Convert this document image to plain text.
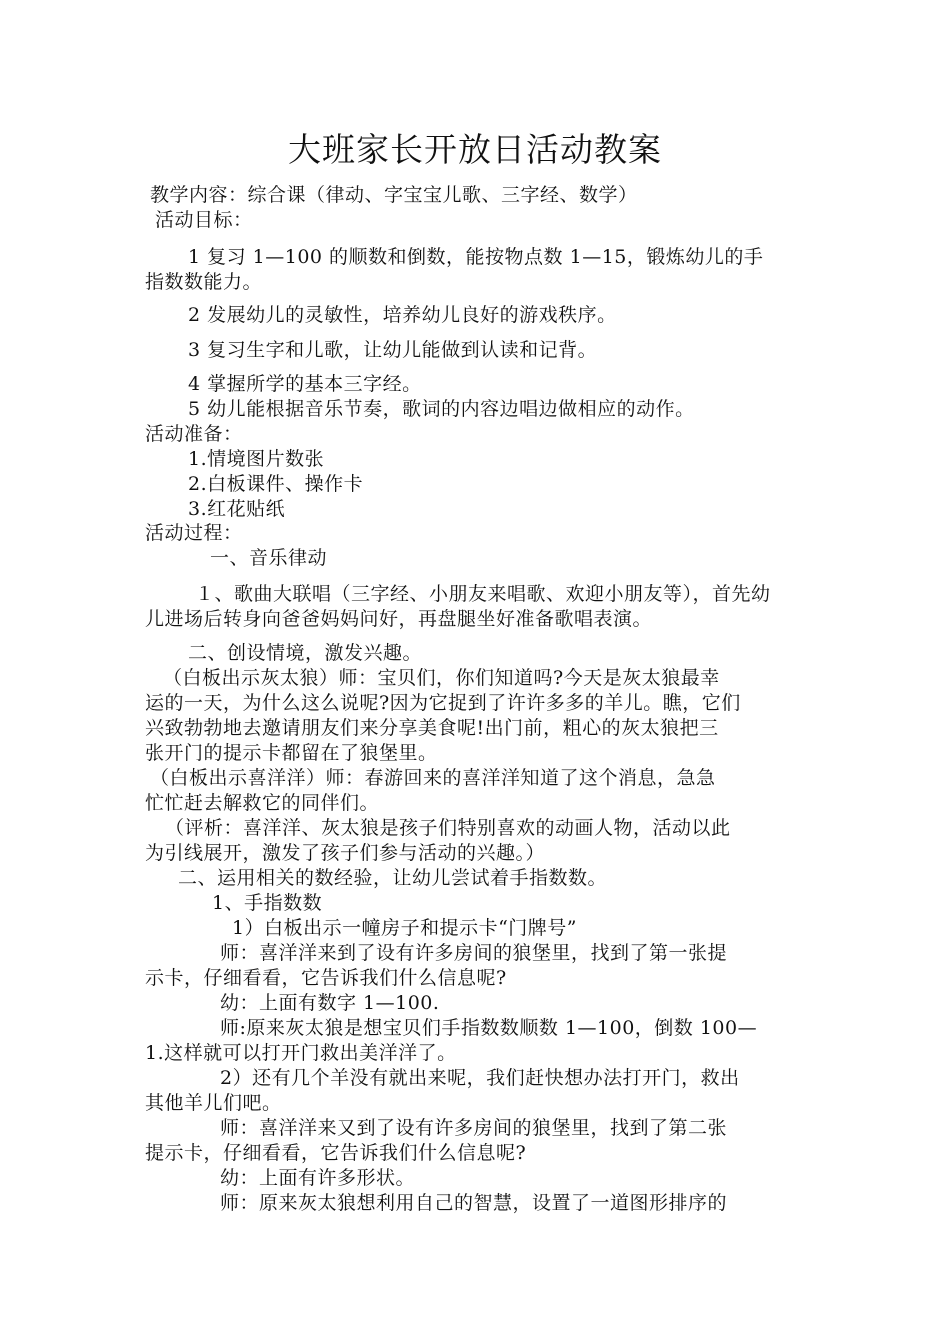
大班家长开放日活动教案
教学内容：综合课（律动、字宝宝儿歌、三字经、数学）
活动目标：
1 复习 1—100 的顺数和倒数，能按物点数 1—15，锻炼幼儿的手
指数数能力。
2 发展幼儿的灵敏性，培养幼儿良好的游戏秩序。
3 复习生字和儿歌，让幼儿能做到认读和记背。
4 掌握所学的基本三字经。
5 幼儿能根据音乐节奏，歌词的内容边唱边做相应的动作。
活动准备：
1.情境图片数张
2.白板课件、操作卡
3.红花贴纸
活动过程：
一、音乐律动
１、歌曲大联唱（三字经、小朋友来唱歌、欢迎小朋友等），首先幼
儿进场后转身向爸爸妈妈问好，再盘腿坐好准备歌唱表演。
二、创设情境，激发兴趣。
（白板出示灰太狼）师：宝贝们，你们知道吗?今天是灰太狼最幸
运的一天，为什么这么说呢?因为它捉到了许许多多的羊儿。瞧，它们
兴致勃勃地去邀请朋友们来分享美食呢!出门前，粗心的灰太狼把三
张开门的提示卡都留在了狼堡里。
（白板出示喜洋洋）师：春游回来的喜洋洋知道了这个消息，急急
忙忙赶去解救它的同伴们。
（评析：喜洋洋、灰太狼是孩子们特别喜欢的动画人物，活动以此
为引线展开，激发了孩子们参与活动的兴趣。）
二、运用相关的数经验，让幼儿尝试着手指数数。
1、手指数数
1）白板出示一幢房子和提示卡“门牌号”
师：喜洋洋来到了设有许多房间的狼堡里，找到了第一张提
示卡，仔细看看，它告诉我们什么信息呢?
幼：上面有数字 1—100.
师:原来灰太狼是想宝贝们手指数数顺数 1—100，倒数 100—
1.这样就可以打开门救出美洋洋了。
2）还有几个羊没有就出来呢，我们赶快想办法打开门，救出
其他羊儿们吧。
师：喜洋洋来又到了设有许多房间的狼堡里，找到了第二张
提示卡，仔细看看，它告诉我们什么信息呢?
幼：上面有许多形状。
师：原来灰太狼想利用自己的智慧，设置了一道图形排序的
